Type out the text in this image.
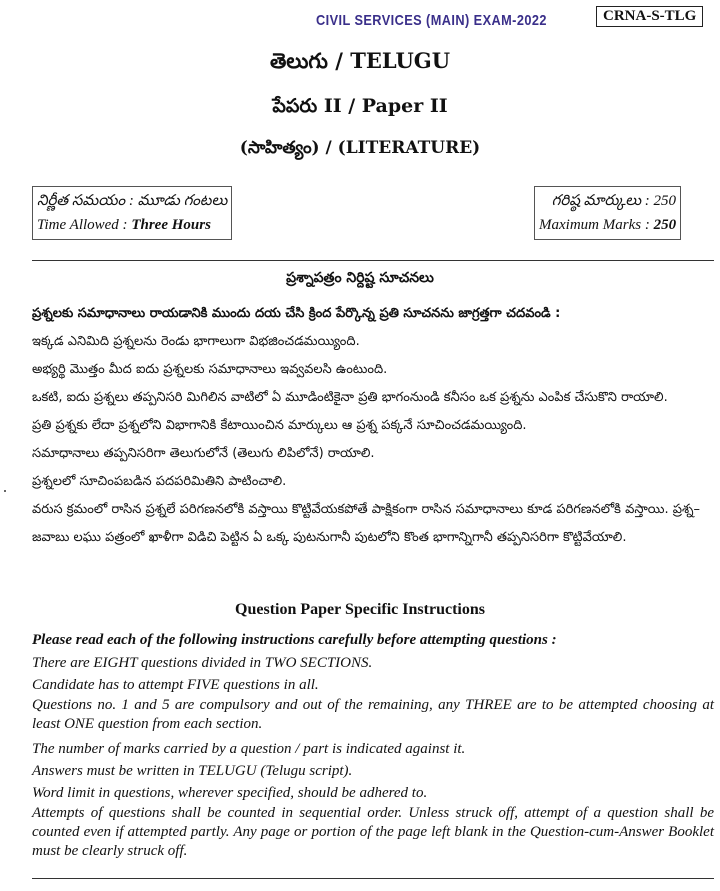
CIVIL SERVICES (MAIN) EXAM-2022	CRNA-S-TLG
తెలుగు / TELUGU
పేపరు II / Paper II
(సాహిత్యం) / (LITERATURE)
నిర్ణీత సమయం : మూడు గంటలు
Time Allowed : Three Hours
గరిష్ఠ మార్కులు : 250
Maximum Marks : 250
ప్రశ్నాపత్రం నిర్దిష్ట సూచనలు

ప్రశ్నలకు సమాధానాలు రాయడానికి ముందు దయ చేసి క్రింద పేర్కొన్న ప్రతి సూచనను జాగ్రత్తగా చదవండి :

ఇక్కడ ఎనిమిది ప్రశ్నలను రెండు భాగాలుగా విభజించడమయ్యింది.

అభ్యర్థి మొత్తం మీద ఐదు ప్రశ్నలకు సమాధానాలు ఇవ్వవలసి ఉంటుంది.

ఒకటి, ఐదు ప్రశ్నలు తప్పనిసరి మిగిలిన వాటిలో ఏ మూడింటికైనా ప్రతి భాగంనుండి కనీసం ఒక ప్రశ్నను ఎంపిక చేసుకొని రాయాలి.

ప్రతి ప్రశ్నకు లేదా ప్రశ్నలోని విభాగానికి కేటాయించిన మార్కులు ఆ ప్రశ్న పక్కనే సూచించడమయ్యింది.

సమాధానాలు తప్పనిసరిగా తెలుగులోనే (తెలుగు లిపిలోనే) రాయాలి.

ప్రశ్నలలో సూచింపబడిన పదపరిమితిని పాటించాలి.

వరుస క్రమంలో రాసిన ప్రశ్నలే పరిగణనలోకి వస్తాయి కొట్టివేయకపోతే పాక్షికంగా రాసిన సమాధానాలు కూడ పరిగణనలోకి వస్తాయి. ప్రశ్న–జవాబు లఘు పత్రంలో ఖాళీగా విడిచి పెట్టిన ఏ ఒక్క పుటనుగానీ పుటలోని కొంత భాగాన్నిగానీ తప్పనిసరిగా కొట్టివేయాలి.

Question Paper Specific Instructions

Please read each of the following instructions carefully before attempting questions :

There are EIGHT questions divided in TWO SECTIONS.

Candidate has to attempt FIVE questions in all.

Questions no. 1 and 5 are compulsory and out of the remaining, any THREE are to be attempted choosing at least ONE question from each section.

The number of marks carried by a question / part is indicated against it.

Answers must be written in TELUGU (Telugu script).

Word limit in questions, wherever specified, should be adhered to.

Attempts of questions shall be counted in sequential order. Unless struck off, attempt of a question shall be counted even if attempted partly. Any page or portion of the page left blank in the Question-cum-Answer Booklet must be clearly struck off.
